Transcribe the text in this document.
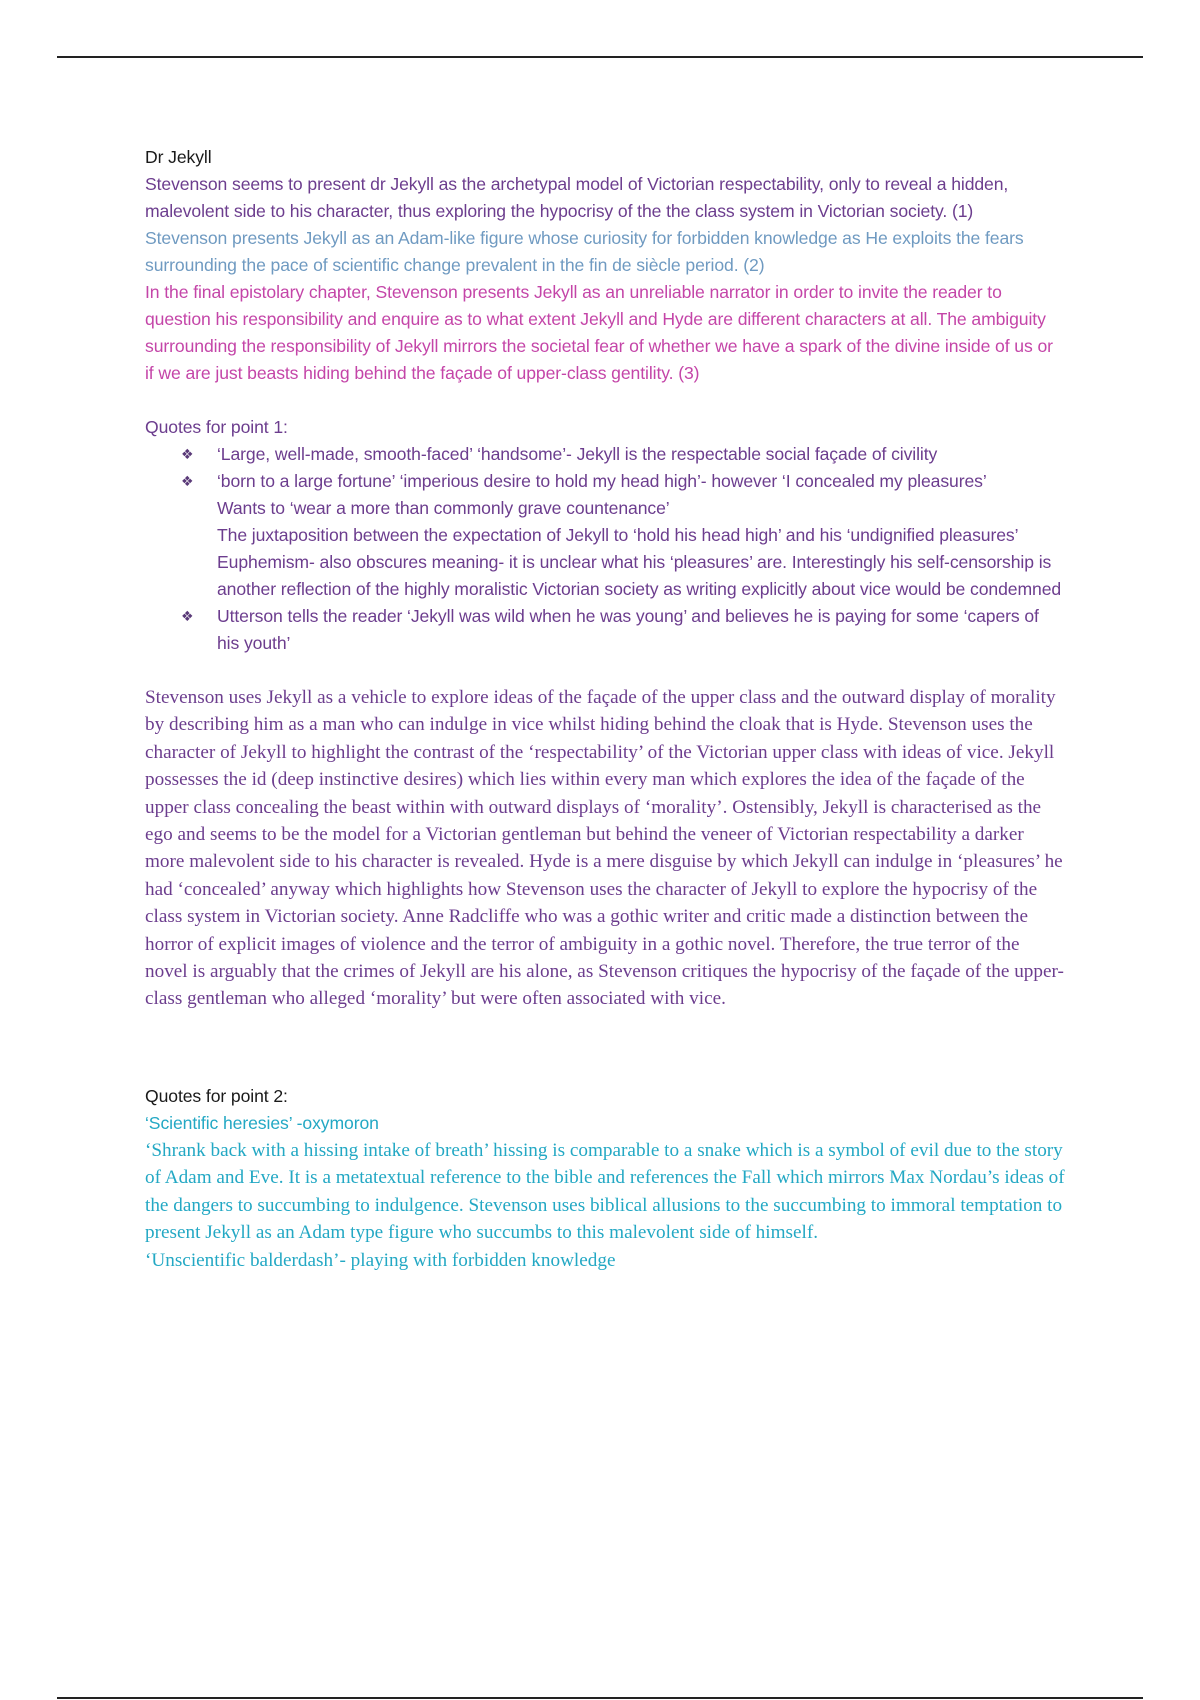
Dr Jekyll

Stevenson seems to present dr Jekyll as the archetypal model of Victorian respectability, only to reveal a hidden, malevolent side to his character, thus exploring the hypocrisy of the the class system in Victorian society. (1)

Stevenson presents Jekyll as an Adam-like figure whose curiosity for forbidden knowledge as He exploits the fears surrounding the pace of scientific change prevalent in the fin de siècle period. (2)

In the final epistolary chapter, Stevenson presents Jekyll as an unreliable narrator in order to invite the reader to question his responsibility and enquire as to what extent Jekyll and Hyde are different characters at all. The ambiguity surrounding the responsibility of Jekyll mirrors the societal fear of whether we have a spark of the divine inside of us or if we are just beasts hiding behind the façade of upper-class gentility. (3)

Quotes for point 1:

❖ ‘Large, well-made, smooth-faced’ ‘handsome’- Jekyll is the respectable social façade of civility

❖ ‘born to a large fortune’ ‘imperious desire to hold my head high’- however ‘I concealed my pleasures’

Wants to ‘wear a more than commonly grave countenance’

The juxtaposition between the expectation of Jekyll to ‘hold his head high’ and his ‘undignified pleasures’

Euphemism- also obscures meaning- it is unclear what his ‘pleasures’ are. Interestingly his self-censorship is another reflection of the highly moralistic Victorian society as writing explicitly about vice would be condemned

❖ Utterson tells the reader ‘Jekyll was wild when he was young’ and believes he is paying for some ‘capers of his youth’

Stevenson uses Jekyll as a vehicle to explore ideas of the façade of the upper class and the outward display of morality by describing him as a man who can indulge in vice whilst hiding behind the cloak that is Hyde. Stevenson uses the character of Jekyll to highlight the contrast of the ‘respectability’ of the Victorian upper class with ideas of vice. Jekyll possesses the id (deep instinctive desires) which lies within every man which explores the idea of the façade of the upper class concealing the beast within with outward displays of ‘morality’. Ostensibly, Jekyll is characterised as the ego and seems to be the model for a Victorian gentleman but behind the veneer of Victorian respectability a darker more malevolent side to his character is revealed. Hyde is a mere disguise by which Jekyll can indulge in ‘pleasures’ he had ‘concealed’ anyway which highlights how Stevenson uses the character of Jekyll to explore the hypocrisy of the class system in Victorian society. Anne Radcliffe who was a gothic writer and critic made a distinction between the horror of explicit images of violence and the terror of ambiguity in a gothic novel. Therefore, the true terror of the novel is arguably that the crimes of Jekyll are his alone, as Stevenson critiques the hypocrisy of the façade of the upper-class gentleman who alleged ‘morality’ but were often associated with vice.

Quotes for point 2:

‘Scientific heresies’ -oxymoron

‘Shrank back with a hissing intake of breath’ hissing is comparable to a snake which is a symbol of evil due to the story of Adam and Eve. It is a metatextual reference to the bible and references the Fall which mirrors Max Nordau’s ideas of the dangers to succumbing to indulgence. Stevenson uses biblical allusions to the succumbing to immoral temptation to present Jekyll as an Adam type figure who succumbs to this malevolent side of himself.

‘Unscientific balderdash’- playing with forbidden knowledge
